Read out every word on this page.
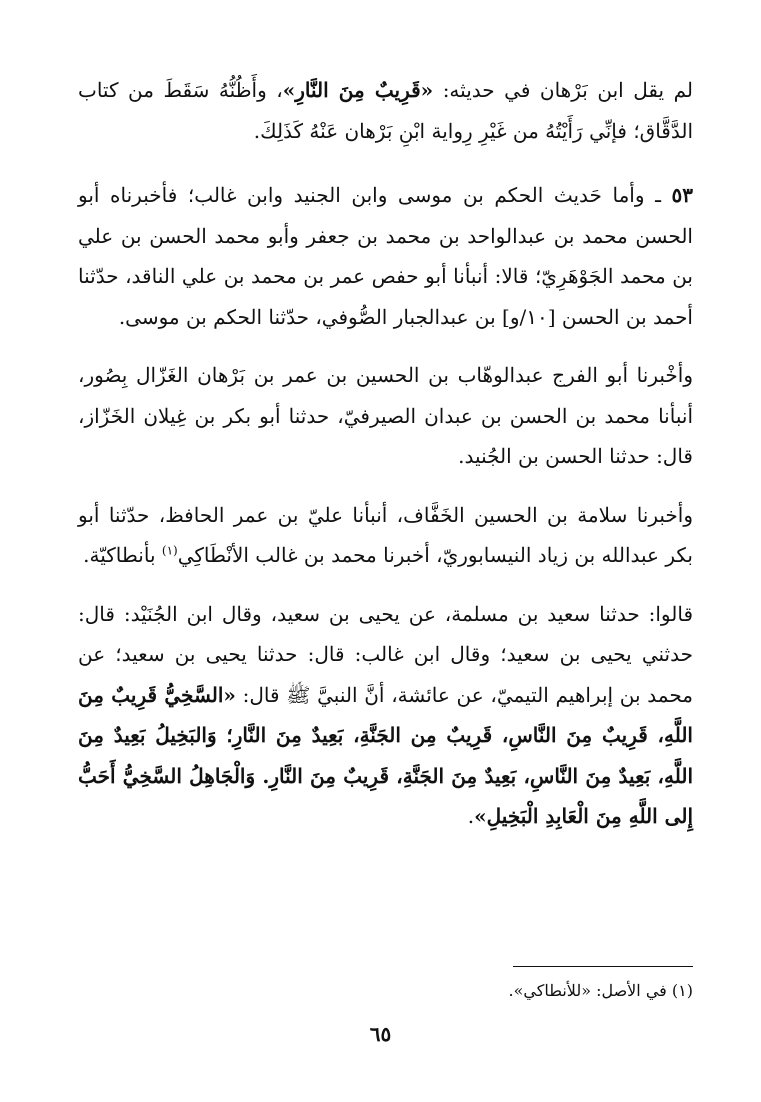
لم يقل ابن بَرْهان في حديثه: «قَرِيبٌ مِنَ النَّارِ»، وأَظُنُّهُ سَقَطَ من كتاب الدَّقَّاق؛ فإنِّي رَأَيْتُهُ من غَيْرِ رِواية ابْنِ بَرْهان عَنْهُ كَذَلِكَ.

٥٣ ـ وأما حَديث الحكم بن موسى وابن الجنيد وابن غالب؛ فأخبرناه أبو الحسن محمد بن عبدالواحد بن محمد بن جعفر وأبو محمد الحسن بن علي بن محمد الجَوْهَرِيّ؛ قالا: أنبأنا أبو حفص عمر بن محمد بن علي الناقد، حدّثنا أحمد بن الحسن [١٠/و] بن عبدالجبار الصُّوفي، حدّثنا الحكم بن موسى.

وأخْبرنا أبو الفرج عبدالوهّاب بن الحسين بن عمر بن بَرْهان الغَزّال بِصُور، أنبأنا محمد بن الحسن بن عبدان الصيرفيّ، حدثنا أبو بكر بن غِيلان الخَزّاز، قال: حدثنا الحسن بن الجُنيد.

وأخبرنا سلامة بن الحسين الخَفَّاف، أنبأنا عليّ بن عمر الحافظ، حدّثنا أبو بكر عبدالله بن زياد النيسابوريّ، أخبرنا محمد بن غالب الأنْطَاكِي$^{(١)}$ بأنطاكيّة.

قالوا: حدثنا سعيد بن مسلمة، عن يحيى بن سعيد، وقال ابن الجُنَيْد: قال: حدثني يحيى بن سعيد؛ وقال ابن غالب: قال: حدثنا يحيى بن سعيد؛ عن محمد بن إبراهيم التيميّ، عن عائشة، أنَّ النبيَّ ﷺ قال: «السَّخِيُّ قَرِيبٌ مِنَ اللَّهِ، قَرِيبٌ مِنَ النَّاسِ، قَرِيبٌ مِن الجَنَّةِ، بَعِيدٌ مِنَ النَّارِ؛ وَالبَخِيلُ بَعِيدٌ مِنَ اللَّهِ، بَعِيدٌ مِنَ النَّاسِ، بَعِيدٌ مِنَ الجَنَّةِ، قَرِيبٌ مِنَ النَّارِ. وَالْجَاهِلُ السَّخِيُّ أَحَبُّ إِلى اللَّهِ مِنَ الْعَابِدِ الْبَخِيلِ».

(١) في الأصل: «للأنطاكي».
٦٥
